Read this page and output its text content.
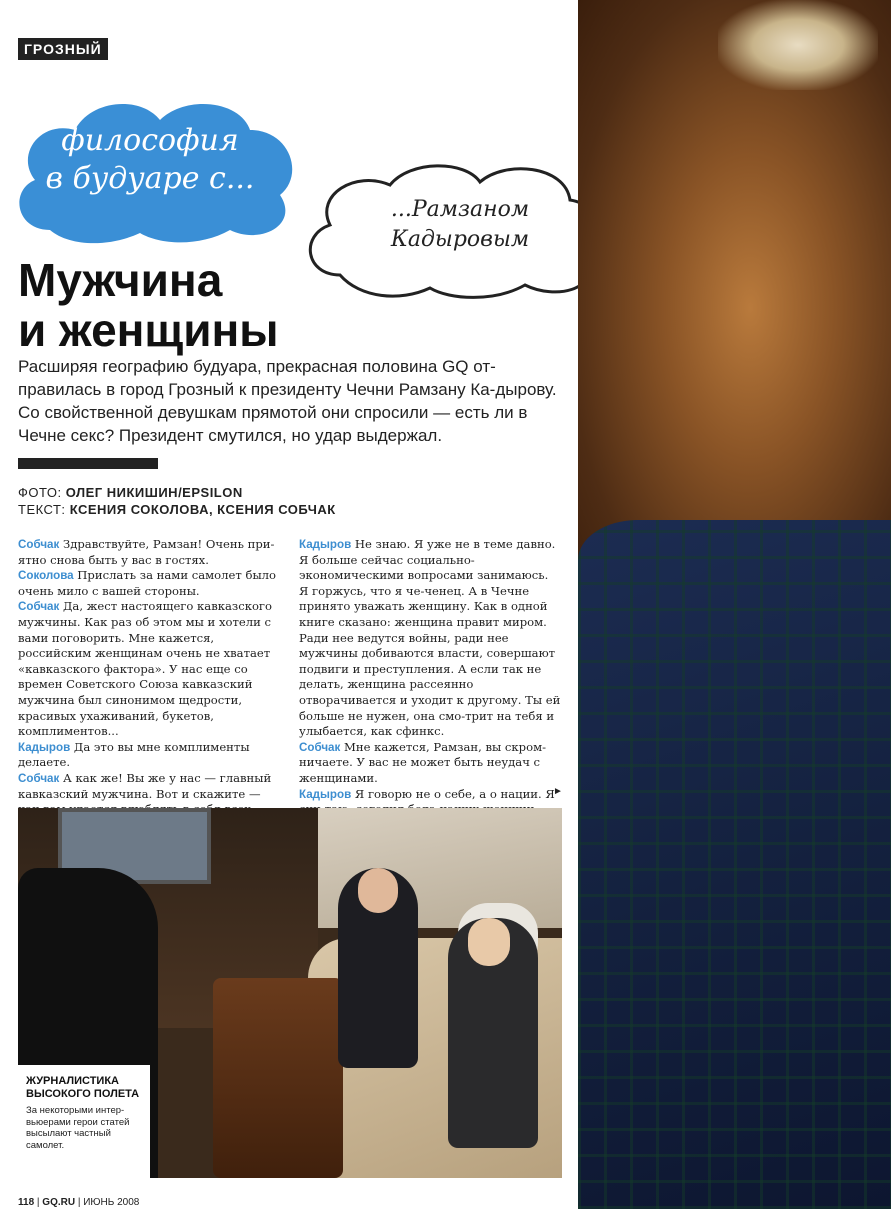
ГРОЗНЫЙ
философия
в будуаре с...
...Рамзаном
Кадыровым
Мужчина
и женщины
Расширяя географию будуара, прекрасная половина GQ от-правилась в город Грозный к президенту Чечни Рамзану Ка-дырову. Со свойственной девушкам прямотой они спросили — есть ли в Чечне секс? Президент смутился, но удар выдержал.
ФОТО: ОЛЕГ НИКИШИН/EPSILON
ТЕКСТ: КСЕНИЯ СОКОЛОВА, КСЕНИЯ СОБЧАК

Собчак Здравствуйте, Рамзан! Очень при-ятно снова быть у вас в гостях.

Соколова Прислать за нами самолет было очень мило с вашей стороны.

Собчак Да, жест настоящего кавказского мужчины. Как раз об этом мы и хотели с вами поговорить. Мне кажется, российским женщинам очень не хватает «кавказского фактора». У нас еще со времен Советского Союза кавказский мужчина был синонимом щедрости, красивых ухаживаний, букетов, комплиментов...

Кадыров Да это вы мне комплименты делаете.

Собчак А как же! Вы же у нас — главный кавказский мужчина. Вот и скажите —

Кадыров Не знаю. Я уже не в теме давно. Я больше сейчас социально-экономическими вопросами занимаюсь. Я горжусь, что я че-ченец. А в Чечне принято уважать женщину. Как в одной книге сказано: женщина правит миром. Ради нее ведутся войны, ради нее мужчины добиваются власти, совершают подвиги и преступления. А если так не делать, женщина рассеянно отворачивается и уходит к другому. Ты ей больше не нужен, она смо-трит на тебя и улыбается, как сфинкс.

Собчак Мне кажется, Рамзан, вы скром-ничаете. У вас не может быть неудач с женщинами.

Кадыров Я говорю не о себе, а о нации. Я

►
ЖУРНАЛИСТИКА ВЫСОКОГО ПОЛЕТА
За некоторыми интер-вьюерами герои статей высылают частный самолет.
118 | GQ.RU | ИЮНЬ 2008
